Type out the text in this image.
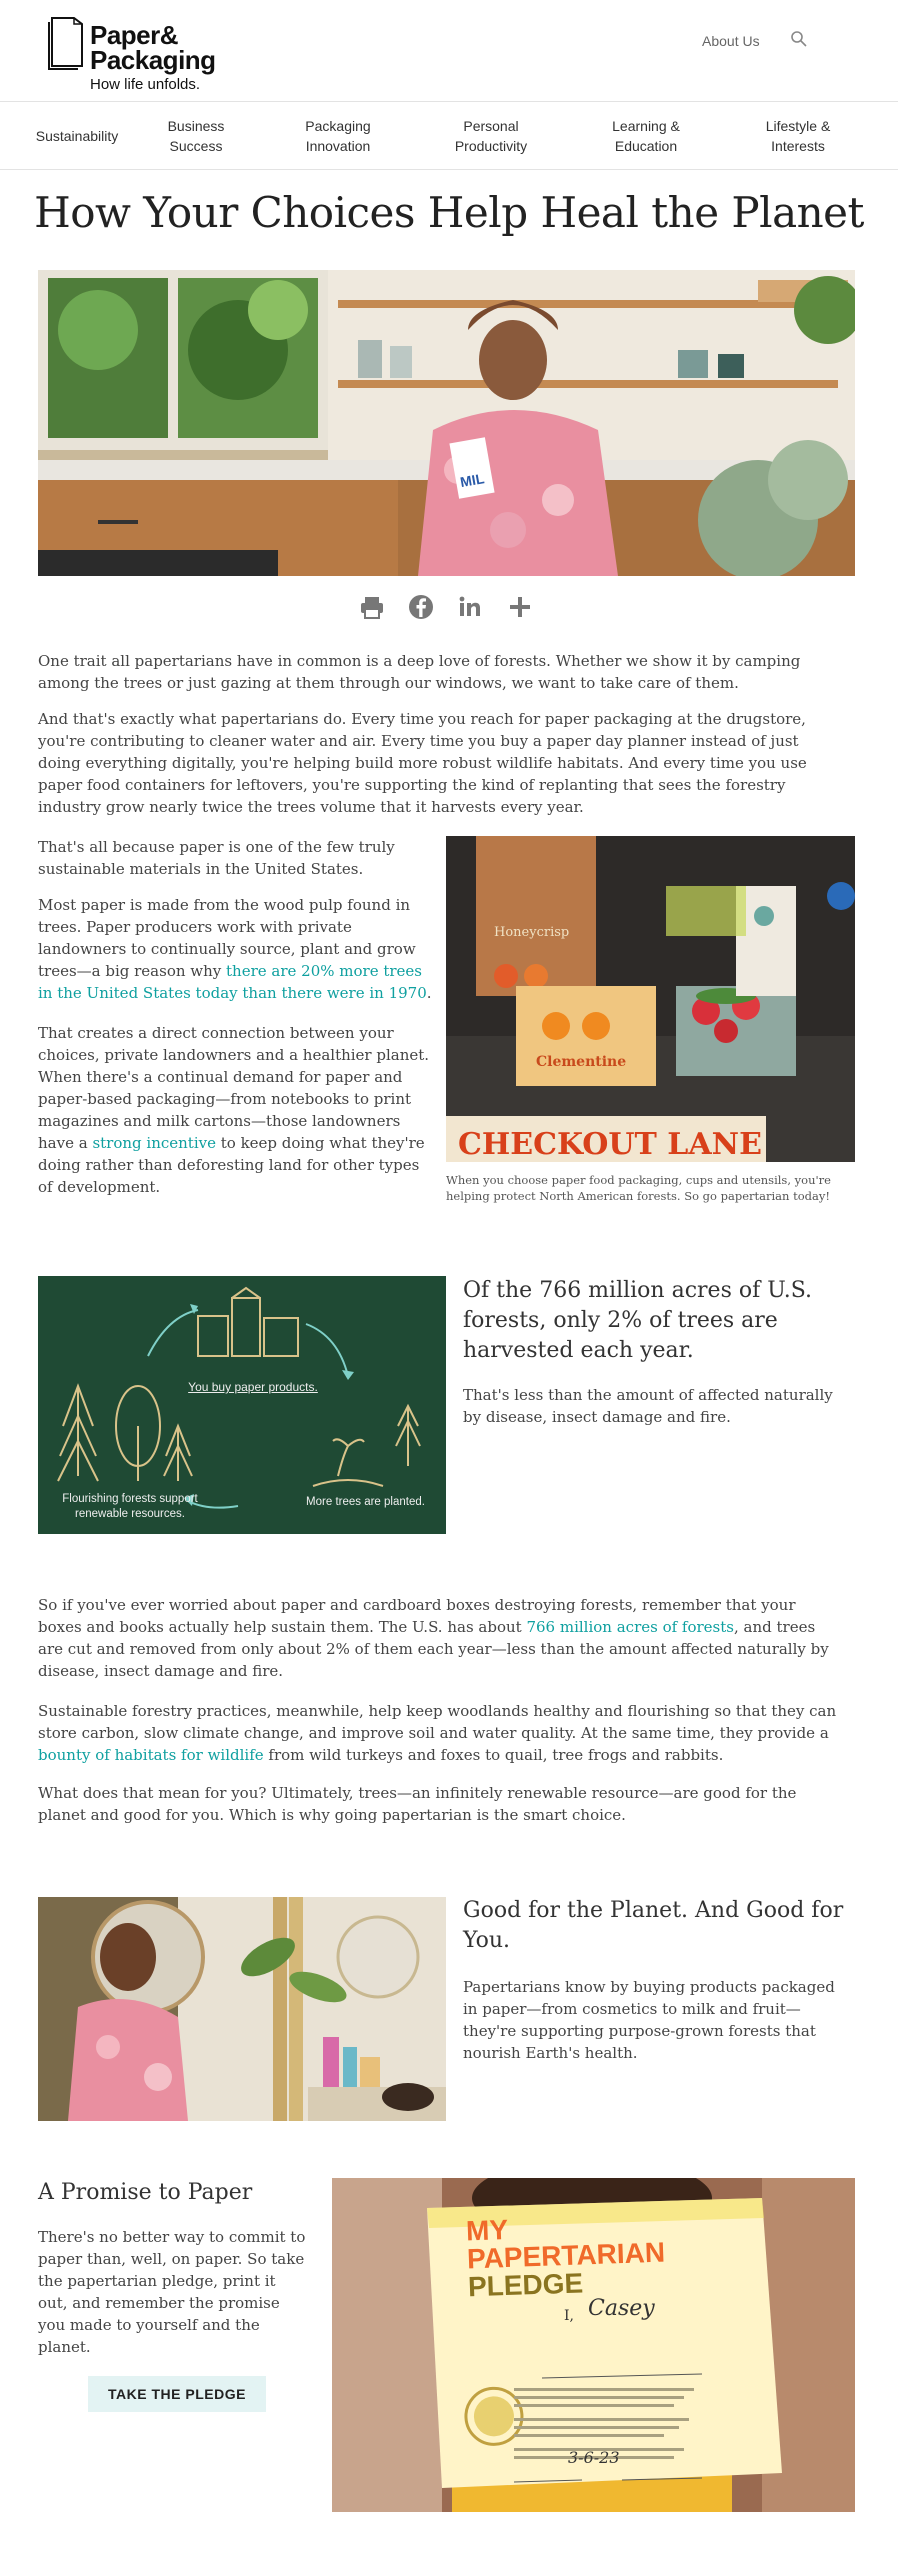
Paper&
Packaging
How life unfolds.
About Us
Sustainability
Business Success
Packaging Innovation
Personal Productivity
Learning & Education
Lifestyle & Interests
How Your Choices Help Heal the Planet
MIL
One trait all papertarians have in common is a deep love of forests. Whether we show it by camping among the trees or just gazing at them through our windows, we want to take care of them.
And that's exactly what papertarians do. Every time you reach for paper packaging at the drugstore, you're contributing to cleaner water and air. Every time you buy a paper day planner instead of just doing everything digitally, you're helping build more robust wildlife habitats. And every time you use paper food containers for leftovers, you're supporting the kind of replanting that sees the forestry industry grow nearly twice the trees volume that it harvests every year.
That's all because paper is one of the few truly sustainable materials in the United States.
Most paper is made from the wood pulp found in trees. Paper producers work with private landowners to continually source, plant and grow trees—a big reason why there are 20% more trees in the United States today than there were in 1970.
That creates a direct connection between your choices, private landowners and a healthier planet. When there's a continual demand for paper and paper-based packaging—from notebooks to print magazines and milk cartons—those landowners have a strong incentive to keep doing what they're doing rather than deforesting land for other types of development.
Honeycrisp
Clementine
CHECKOUT LANE
When you choose paper food packaging, cups and utensils, you're helping protect North American forests. So go papertarian today!
You buy paper products.
Flourishing forests support renewable resources.
More trees are planted.
Of the 766 million acres of U.S. forests, only 2% of trees are harvested each year.
That's less than the amount of affected naturally by disease, insect damage and fire.
So if you've ever worried about paper and cardboard boxes destroying forests, remember that your boxes and books actually help sustain them. The U.S. has about 766 million acres of forests, and trees are cut and removed from only about 2% of them each year—less than the amount affected naturally by disease, insect damage and fire.
Sustainable forestry practices, meanwhile, help keep woodlands healthy and flourishing so that they can store carbon, slow climate change, and improve soil and water quality. At the same time, they provide a bounty of habitats for wildlife from wild turkeys and foxes to quail, tree frogs and rabbits.
What does that mean for you? Ultimately, trees—an infinitely renewable resource—are good for the planet and good for you. Which is why going papertarian is the smart choice.
Good for the Planet. And Good for You.
Papertarians know by buying products packaged in paper—from cosmetics to milk and fruit—they're supporting purpose-grown forests that nourish Earth's health.
A Promise to Paper
There's no better way to commit to paper than, well, on paper. So take the papertarian pledge, print it out, and remember the promise you made to yourself and the planet.
TAKE THE PLEDGE
MY
PAPERTARIAN
PLEDGE
I, Casey
3-6-23
